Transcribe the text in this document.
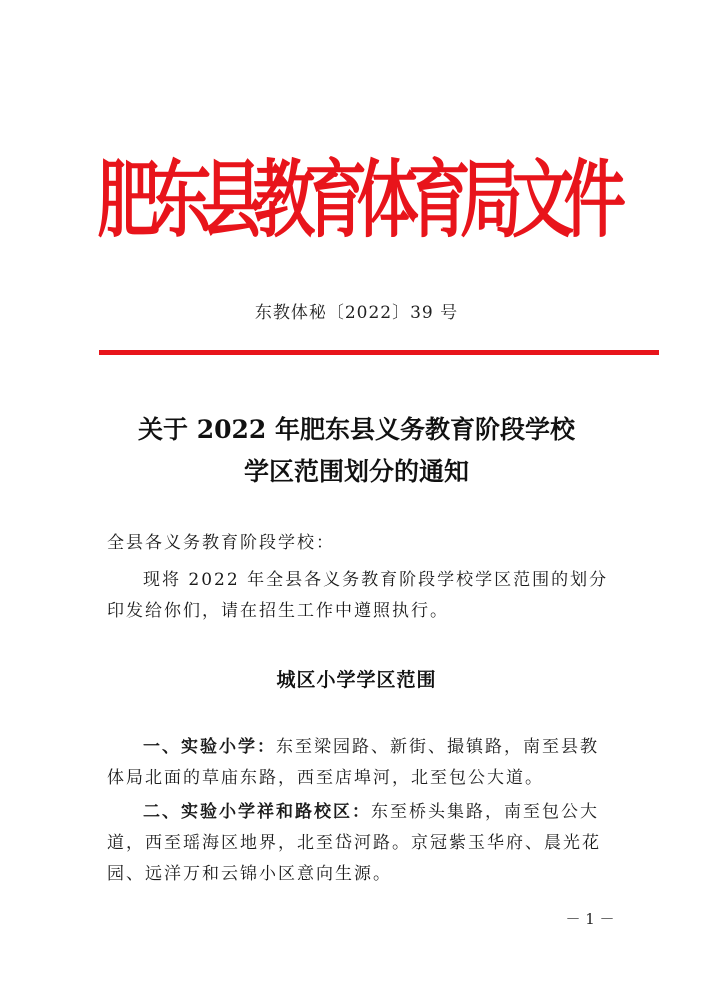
肥东县教育体育局文件
东教体秘〔2022〕39 号
关于 2022 年肥东县义务教育阶段学校
学区范围划分的通知
全县各义务教育阶段学校：
现将 2022 年全县各义务教育阶段学校学区范围的划分印发给你们，请在招生工作中遵照执行。
城区小学学区范围
一、实验小学：东至梁园路、新街、撮镇路，南至县教体局北面的草庙东路，西至店埠河，北至包公大道。
二、实验小学祥和路校区：东至桥头集路，南至包公大道，西至瑶海区地界，北至岱河路。京冠紫玉华府、晨光花园、远洋万和云锦小区意向生源。
－ 1 －
